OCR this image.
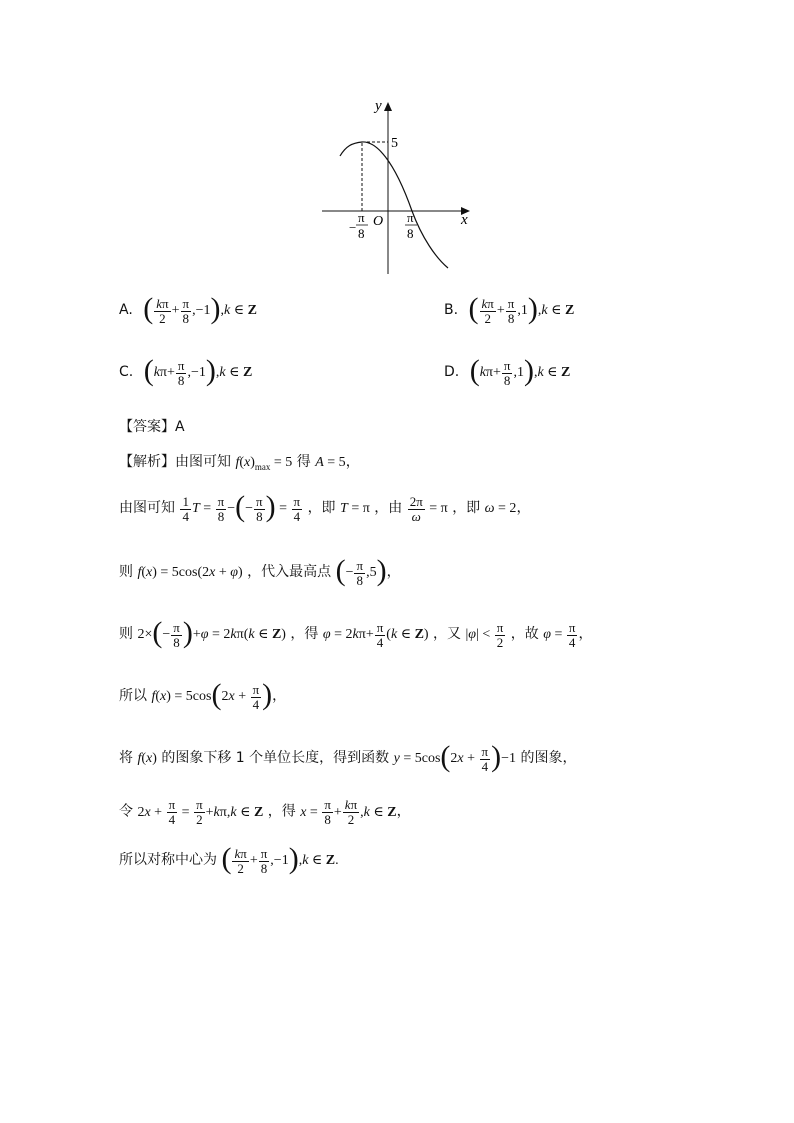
y
x
O
5
−
π
8
π
8
A. ( $\frac{k\pi}{2} + \frac{\pi}{8} ,-1),k$ ∈ Z	B. ( $\frac{k\pi}{2} + \frac{\pi}{8} ,1),k$ ∈ Z
C. $(k\pi+ \frac{\pi}{8} ,-1),k$ ∈ Z	D. $(k\pi+ \frac{\pi}{8} ,1),k$ ∈ Z
【答案】A
【解析】由图可知 $f(x)_{max} = 5$ 得 A = 5，
由图可知 $\frac{1}{4}$ $T = \frac{\pi}{8}$ −(− $\frac{\pi}{8}$ ) = $\frac{\pi}{4}$ ，即 T = π ，由 $\frac{2\pi}{\omega} = \pi$ ，即 ω = 2，
则 f(x) = 5cos(2x + φ) ，代入最高点 (− $\frac{\pi}{8} ,5$)，
则 $2\times(- \frac{\pi}{8} )+\varphi = 2k\pi(k$ ∈ Z) ，得 $\varphi = 2k\pi+ \frac{\pi}{4} (k$ ∈ Z) ，又 $|\varphi| < \frac{\pi}{2}$ ，故 $\varphi = \frac{\pi}{4}$ ，
所以 $f(x) = 5\cos(2x + \frac{\pi}{4}$ )，
将 f(x) 的图象下移 1 个单位长度，得到函数 $y = 5\cos(2x + \frac{\pi}{4} )-1$ 的图象，
令 $2x + \frac{\pi}{4} = \frac{\pi}{2} +k\pi,k$ ∈ Z ，得 $x = \frac{\pi}{8} + \frac{k\pi}{2} ,k$ ∈ Z，
所以对称中心为 ( $\frac{k\pi}{2} + \frac{\pi}{8} ,-1),k$ ∈ Z.
